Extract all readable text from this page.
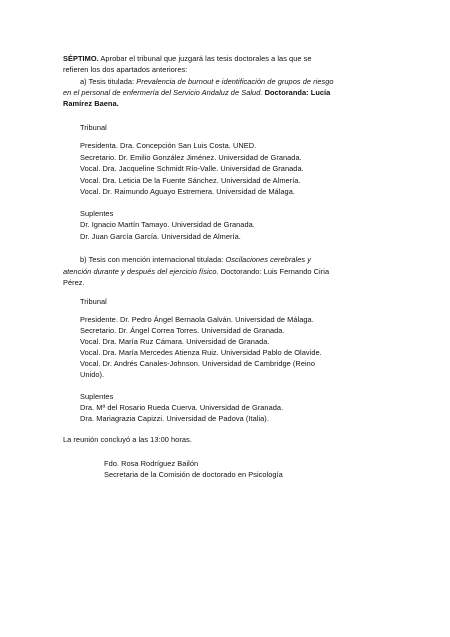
SÉPTIMO. Aprobar el tribunal que juzgará las tesis doctorales a las que se
refieren los dos apartados anteriores:
a) Tesis titulada: Prevalencia de burnout e identificación de grupos de riesgo
en el personal de enfermería del Servicio Andaluz de Salud. Doctoranda: Lucía
Ramírez Baena.
Tribunal
Presidenta. Dra. Concepción San Luis Costa. UNED.
Secretario. Dr. Emilio González Jiménez. Universidad de Granada.
Vocal. Dra. Jacqueline Schmidt Río-Valle. Universidad de Granada.
Vocal. Dra. Leticia De la Fuente Sánchez. Universidad de Almería.
Vocal. Dr. Raimundo Aguayo Estremera. Universidad de Málaga.
Suplentes
Dr. Ignacio Martín Tamayo. Universidad de Granada.
Dr. Juan García García. Universidad de Almería.
b) Tesis con mención internacional titulada: Oscilaciones cerebrales y
atención durante y después del ejercicio físico. Doctorando: Luis Fernando Ciria
Pérez.
Tribunal
Presidente. Dr. Pedro Ángel Bernaola Galván. Universidad de Málaga.
Secretario. Dr. Ángel Correa Torres. Universidad de Granada.
Vocal. Dra. María Ruz Cámara. Universidad de Granada.
Vocal. Dra. María Mercedes Atienza Ruiz. Universidad Pablo de Olavide.
Vocal. Dr. Andrés Canales-Johnson. Universidad de Cambridge (Reino
Unido).
Suplentes
Dra. Mª del Rosario Rueda Cuerva. Universidad de Granada.
Dra. Mariagrazia Capizzi. Universidad de Padova (Italia).
La reunión concluyó a las 13:00 horas.
Fdo. Rosa Rodríguez Bailón
Secretaria de la Comisión de doctorado en Psicología
